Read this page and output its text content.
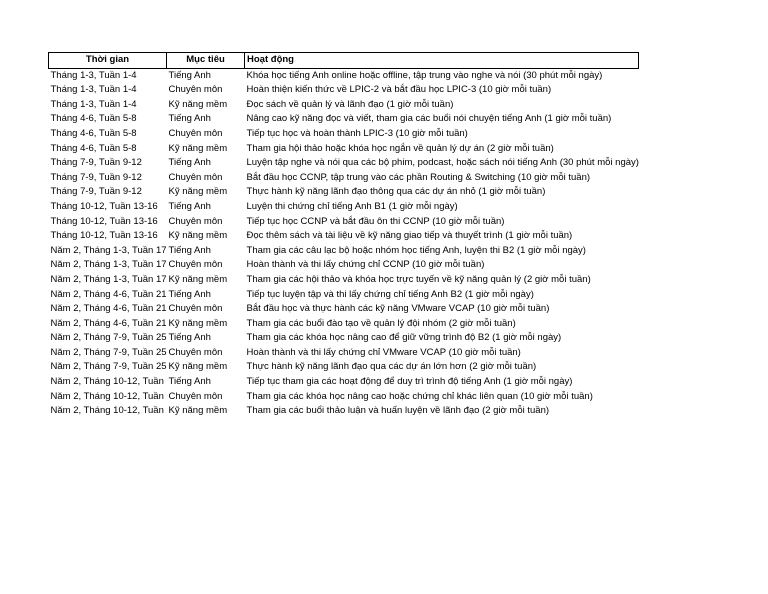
Thời gian	Mục tiêu	Hoạt động
Tháng 1-3, Tuần 1-4	Tiếng Anh	Khóa học tiếng Anh online hoặc offline, tập trung vào nghe và nói (30 phút mỗi ngày)
Tháng 1-3, Tuần 1-4	Chuyên môn	Hoàn thiện kiến thức về LPIC-2 và bắt đầu học LPIC-3 (10 giờ mỗi tuần)
Tháng 1-3, Tuần 1-4	Kỹ năng mềm	Đọc sách về quản lý và lãnh đạo (1 giờ mỗi tuần)
Tháng 4-6, Tuần 5-8	Tiếng Anh	Nâng cao kỹ năng đọc và viết, tham gia các buổi nói chuyện tiếng Anh (1 giờ mỗi tuần)
Tháng 4-6, Tuần 5-8	Chuyên môn	Tiếp tục học và hoàn thành LPIC-3 (10 giờ mỗi tuần)
Tháng 4-6, Tuần 5-8	Kỹ năng mềm	Tham gia hội thảo hoặc khóa học ngắn về quản lý dự án (2 giờ mỗi tuần)
Tháng 7-9, Tuần 9-12	Tiếng Anh	Luyện tập nghe và nói qua các bộ phim, podcast, hoặc sách nói tiếng Anh (30 phút mỗi ngày)
Tháng 7-9, Tuần 9-12	Chuyên môn	Bắt đầu học CCNP, tập trung vào các phần Routing & Switching (10 giờ mỗi tuần)
Tháng 7-9, Tuần 9-12	Kỹ năng mềm	Thực hành kỹ năng lãnh đạo thông qua các dự án nhỏ (1 giờ mỗi tuần)
Tháng 10-12, Tuần 13-16	Tiếng Anh	Luyện thi chứng chỉ tiếng Anh B1 (1 giờ mỗi ngày)
Tháng 10-12, Tuần 13-16	Chuyên môn	Tiếp tục học CCNP và bắt đầu ôn thi CCNP (10 giờ mỗi tuần)
Tháng 10-12, Tuần 13-16	Kỹ năng mềm	Đọc thêm sách và tài liệu về kỹ năng giao tiếp và thuyết trình (1 giờ mỗi tuần)
Năm 2, Tháng 1-3, Tuần 17	Tiếng Anh	Tham gia các câu lạc bộ hoặc nhóm học tiếng Anh, luyện thi B2 (1 giờ mỗi ngày)
Năm 2, Tháng 1-3, Tuần 17	Chuyên môn	Hoàn thành và thi lấy chứng chỉ CCNP (10 giờ mỗi tuần)
Năm 2, Tháng 1-3, Tuần 17	Kỹ năng mềm	Tham gia các hội thảo và khóa học trực tuyến về kỹ năng quản lý (2 giờ mỗi tuần)
Năm 2, Tháng 4-6, Tuần 21	Tiếng Anh	Tiếp tục luyện tập và thi lấy chứng chỉ tiếng Anh B2 (1 giờ mỗi ngày)
Năm 2, Tháng 4-6, Tuần 21	Chuyên môn	Bắt đầu học và thực hành các kỹ năng VMware VCAP (10 giờ mỗi tuần)
Năm 2, Tháng 4-6, Tuần 21	Kỹ năng mềm	Tham gia các buổi đào tạo về quản lý đội nhóm (2 giờ mỗi tuần)
Năm 2, Tháng 7-9, Tuần 25	Tiếng Anh	Tham gia các khóa học nâng cao để giữ vững trình độ B2 (1 giờ mỗi ngày)
Năm 2, Tháng 7-9, Tuần 25	Chuyên môn	Hoàn thành và thi lấy chứng chỉ VMware VCAP (10 giờ mỗi tuần)
Năm 2, Tháng 7-9, Tuần 25	Kỹ năng mềm	Thực hành kỹ năng lãnh đạo qua các dự án lớn hơn (2 giờ mỗi tuần)
Năm 2, Tháng 10-12, Tuần	Tiếng Anh	Tiếp tục tham gia các hoạt động để duy trì trình độ tiếng Anh (1 giờ mỗi ngày)
Năm 2, Tháng 10-12, Tuần	Chuyên môn	Tham gia các khóa học nâng cao hoặc chứng chỉ khác liên quan (10 giờ mỗi tuần)
Năm 2, Tháng 10-12, Tuần	Kỹ năng mềm	Tham gia các buổi thảo luận và huấn luyện về lãnh đạo (2 giờ mỗi tuần)
